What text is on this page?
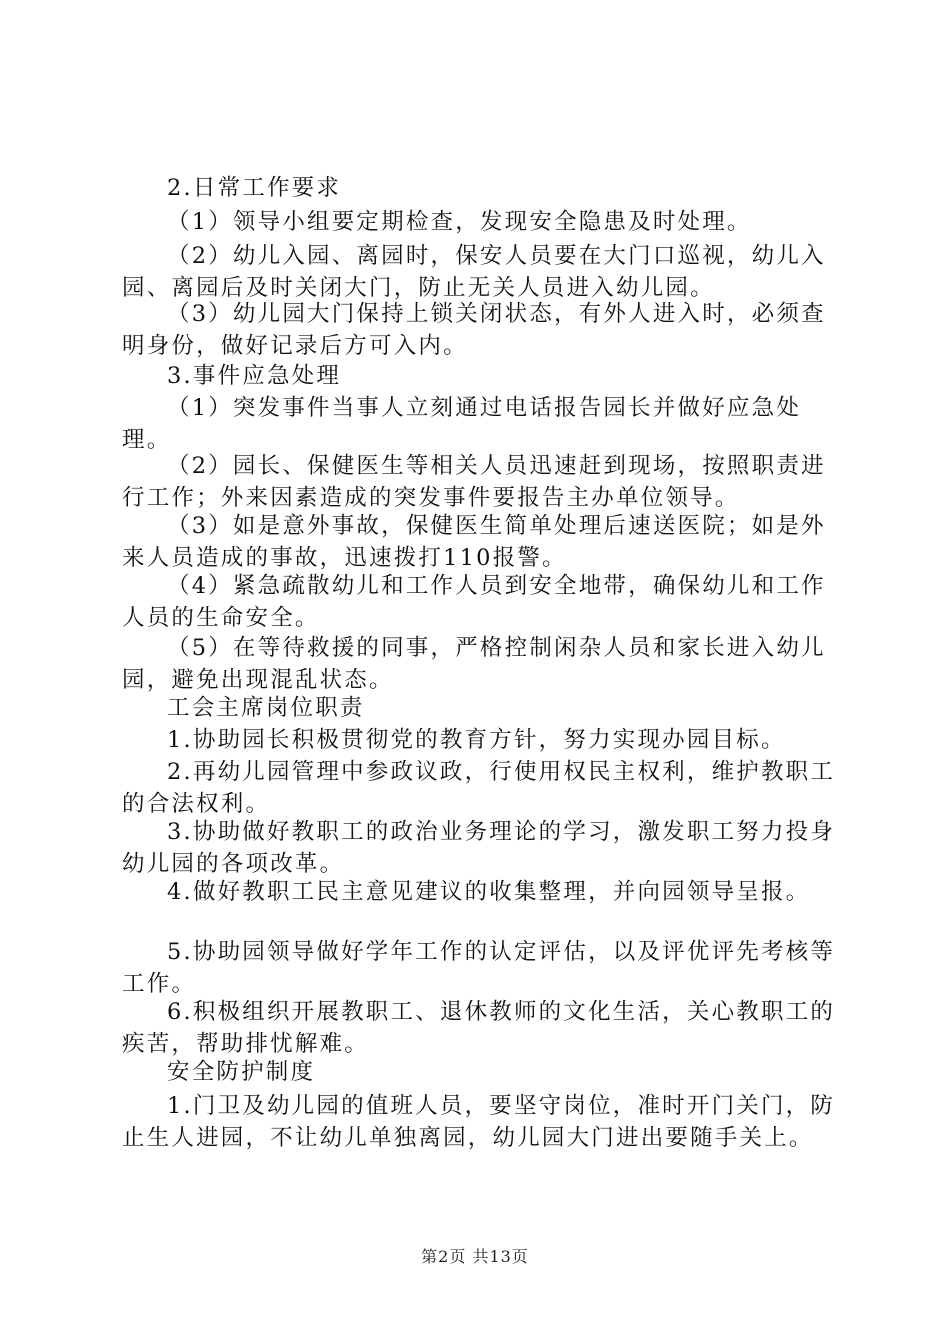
2.日常工作要求

（1）领导小组要定期检查，发现安全隐患及时处理。

（2）幼儿入园、离园时，保安人员要在大门口巡视，幼儿入园、离园后及时关闭大门，防止无关人员进入幼儿园。

（3）幼儿园大门保持上锁关闭状态，有外人进入时，必须查明身份，做好记录后方可入内。

3.事件应急处理

（1）突发事件当事人立刻通过电话报告园长并做好应急处理。

（2）园长、保健医生等相关人员迅速赶到现场，按照职责进行工作；外来因素造成的突发事件要报告主办单位领导。

（3）如是意外事故，保健医生简单处理后速送医院；如是外来人员造成的事故，迅速拨打110报警。

（4）紧急疏散幼儿和工作人员到安全地带，确保幼儿和工作人员的生命安全。

（5）在等待救援的同事，严格控制闲杂人员和家长进入幼儿园，避免出现混乱状态。

工会主席岗位职责

1.协助园长积极贯彻党的教育方针，努力实现办园目标。

2.再幼儿园管理中参政议政，行使用权民主权利，维护教职工的合法权利。

3.协助做好教职工的政治业务理论的学习，激发职工努力投身幼儿园的各项改革。

4.做好教职工民主意见建议的收集整理，并向园领导呈报。

5.协助园领导做好学年工作的认定评估，以及评优评先考核等工作。

6.积极组织开展教职工、退休教师的文化生活，关心教职工的疾苦，帮助排忧解难。

安全防护制度

1.门卫及幼儿园的值班人员，要坚守岗位，准时开门关门，防止生人进园，不让幼儿单独离园，幼儿园大门进出要随手关上。

第2页 共13页
